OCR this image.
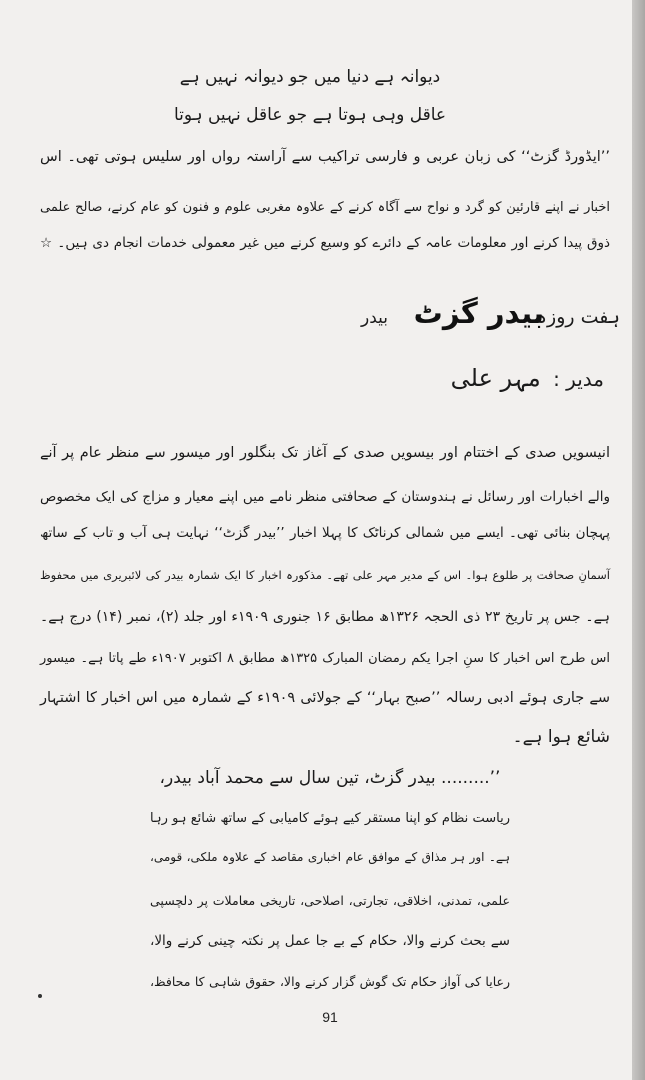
دیوانہ ہے دنیا میں جو دیوانہ نہیں ہے
عاقل وہی ہوتا ہے جو عاقل نہیں ہوتا
’’ایڈورڈ گزٹ‘‘ کی زبان عربی و فارسی تراکیب سے آراستہ رواں اور سلیس ہوتی تھی۔ اس
اخبار نے اپنے قارئین کو گرد و نواح سے آگاہ کرنے کے علاوہ مغربی علوم و فنون کو عام کرنے، صالح علمی
ذوق پیدا کرنے اور معلومات عامہ کے دائرے کو وسیع کرنے میں غیر معمولی خدمات انجام دی ہیں۔ ☆
ہفت روزہ
بیدر گزٹ
بیدر
مدیر : مہر علی
انیسویں صدی کے اختتام اور بیسویں صدی کے آغاز تک بنگلور اور میسور سے منظر عام پر آنے
والے اخبارات اور رسائل نے ہندوستان کے صحافتی منظر نامے میں اپنے معیار و مزاج کی ایک مخصوص
پہچان بنائی تھی۔ ایسے میں شمالی کرناٹک کا پہلا اخبار ’’بیدر گزٹ‘‘ نہایت ہی آب و تاب کے ساتھ
آسمانِ صحافت پر طلوع ہوا۔ اس کے مدیر مہر علی تھے۔ مذکورہ اخبار کا ایک شمارہ بیدر کی لائبریری میں محفوظ
ہے۔ جس پر تاریخ ۲۳ ذی الحجہ ۱۳۲۶ھ مطابق ۱۶ جنوری ۱۹۰۹ء اور جلد (۲)، نمبر (۱۴) درج ہے۔
اس طرح اس اخبار کا سنِ اجرا یکم رمضان المبارک ۱۳۲۵ھ مطابق ۸ اکتوبر ۱۹۰۷ء طے پاتا ہے۔ میسور
سے جاری ہوئے ادبی رسالہ ’’صبح بہار‘‘ کے جولائی ۱۹۰۹ء کے شمارہ میں اس اخبار کا اشتہار
شائع ہوا ہے۔
’’......... بیدر گزٹ، تین سال سے محمد آباد بیدر،
ریاست نظام کو اپنا مستقر کیے ہوئے کامیابی کے ساتھ شائع ہو رہا
ہے۔ اور ہر مذاق کے موافق عام اخباری مقاصد کے علاوہ ملکی، قومی،
علمی، تمدنی، اخلاقی، تجارتی، اصلاحی، تاریخی معاملات پر دلچسپی
سے بحث کرنے والا، حکام کے بے جا عمل پر نکتہ چینی کرنے والا،
رعایا کی آواز حکام تک گوش گزار کرنے والا، حقوق شاہی کا محافظ،
91
